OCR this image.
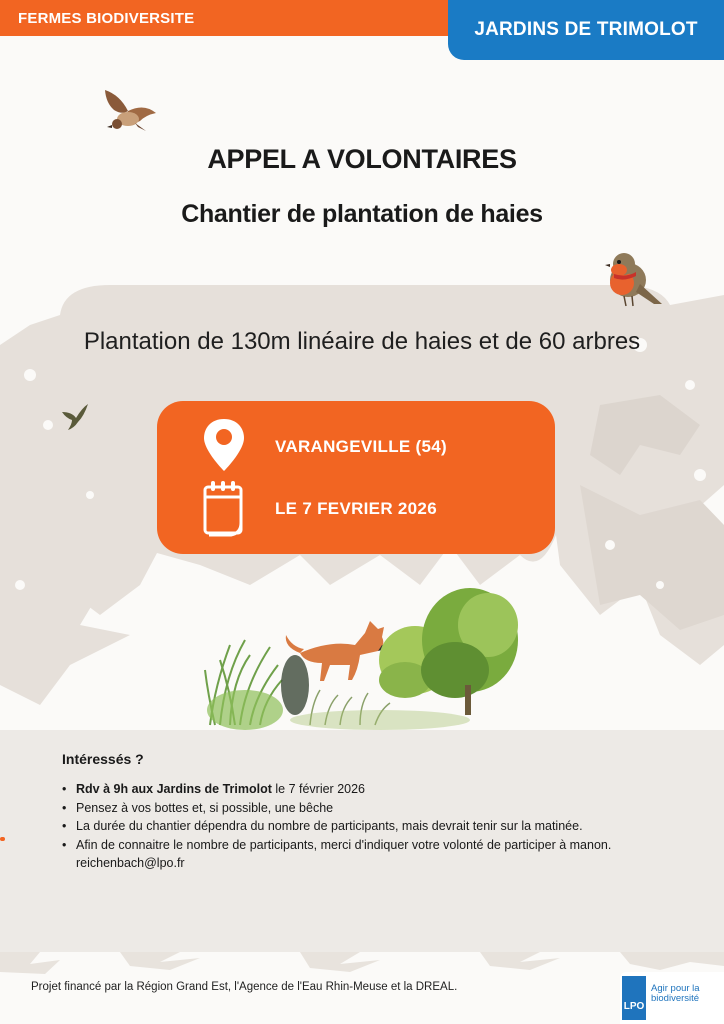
FERMES BIODIVERSITE
JARDINS DE TRIMOLOT
APPEL A VOLONTAIRES
Chantier de plantation de haies
Plantation de 130m linéaire de haies et de 60 arbres
VARANGEVILLE (54)
LE 7 FEVRIER 2026
Intéressés ?
• Rdv à 9h aux Jardins de Trimolot le 7 février 2026
• Pensez à vos bottes et, si possible, une bêche
• La durée du chantier dépendra du nombre de participants, mais devrait tenir sur la matinée.
• Afin de connaitre le nombre de participants, merci d'indiquer votre volonté de participer à manon. reichenbach@lpo.fr
Projet financé par la Région Grand Est, l'Agence de l'Eau Rhin-Meuse et la DREAL.
LPO
Agir pour la biodiversité
